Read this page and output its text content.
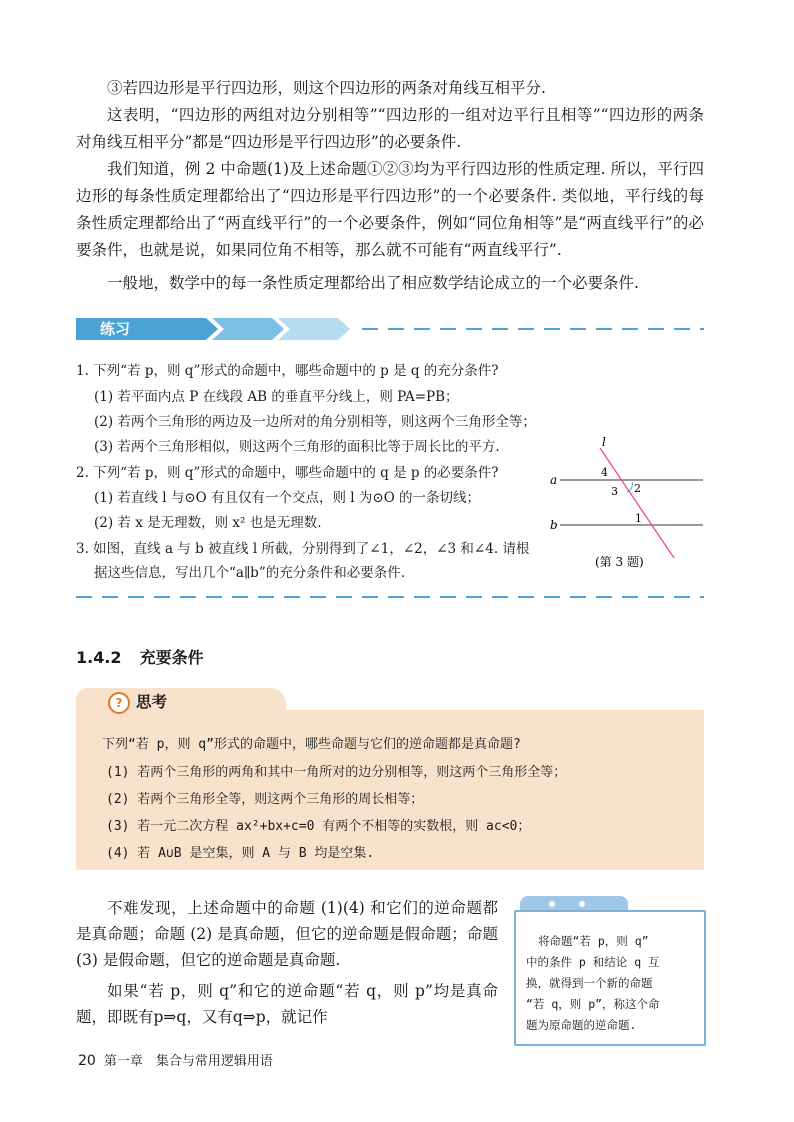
③若四边形是平行四边形，则这个四边形的两条对角线互相平分.

这表明，“四边形的两组对边分别相等”“四边形的一组对边平行且相等”“四边形的两条对角线互相平分”都是“四边形是平行四边形”的必要条件.

我们知道，例 2 中命题(1)及上述命题①②③均为平行四边形的性质定理. 所以，平行四边形的每条性质定理都给出了“四边形是平行四边形”的一个必要条件. 类似地，平行线的每条性质定理都给出了“两直线平行”的一个必要条件，例如“同位角相等”是“两直线平行”的必要条件，也就是说，如果同位角不相等，那么就不可能有“两直线平行”.

一般地，数学中的每一条性质定理都给出了相应数学结论成立的一个必要条件.

练习
1. 下列“若 p，则 q”形式的命题中，哪些命题中的 p 是 q 的充分条件?
(1) 若平面内点 P 在线段 AB 的垂直平分线上，则 PA=PB；
(2) 若两个三角形的两边及一边所对的角分别相等，则这两个三角形全等；
(3) 若两个三角形相似，则这两个三角形的面积比等于周长比的平方.
2. 下列“若 p，则 q”形式的命题中，哪些命题中的 q 是 p 的必要条件?
(1) 若直线 l 与⊙O 有且仅有一个交点，则 l 为⊙O 的一条切线；
(2) 若 x 是无理数，则 x² 也是无理数.
3. 如图，直线 a 与 b 被直线 l 所截，分别得到了∠1，∠2，∠3 和∠4. 请根
据这些信息，写出几个“a∥b”的充分条件和必要条件.
l
a
b
4
3 2
1
(第 3 题)
1.4.2 充要条件
? 思考
下列“若 p，则 q”形式的命题中，哪些命题与它们的逆命题都是真命题?
(1) 若两个三角形的两角和其中一角所对的边分别相等，则这两个三角形全等；
(2) 若两个三角形全等，则这两个三角形的周长相等；
(3) 若一元二次方程 ax²+bx+c=0 有两个不相等的实数根，则 ac<0；
(4) 若 A∪B 是空集，则 A 与 B 均是空集.

不难发现，上述命题中的命题 (1)(4) 和它们的逆命题都是真命题；命题 (2) 是真命题，但它的逆命题是假命题；命题 (3) 是假命题，但它的逆命题是真命题.

如果“若 p，则 q”和它的逆命题“若 q，则 p”均是真命题，即既有p⇒q，又有q⇒p，就记作

将命题“若 p，则 q”
中的条件 p 和结论 q 互
换，就得到一个新的命题
“若 q，则 p”，称这个命
题为原命题的逆命题.
20 第一章　集合与常用逻辑用语
